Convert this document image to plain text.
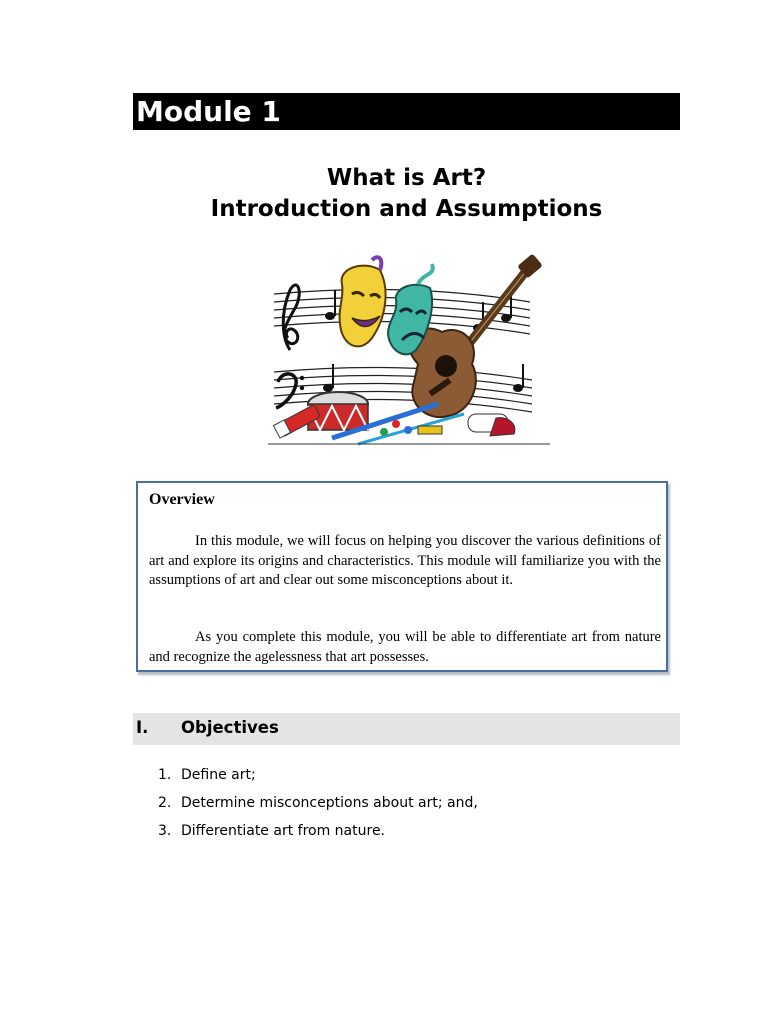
Module 1
What is Art?
Introduction and Assumptions
Overview

In this module, we will focus on helping you discover the various definitions of art and explore its origins and characteristics. This module will familiarize you with the assumptions of art and clear out some misconceptions about it.

As you complete this module, you will be able to differentiate art from nature and recognize the agelessness that art possesses.

I. Objectives
1. Define art;
2. Determine misconceptions about art; and,
3. Differentiate art from nature.
